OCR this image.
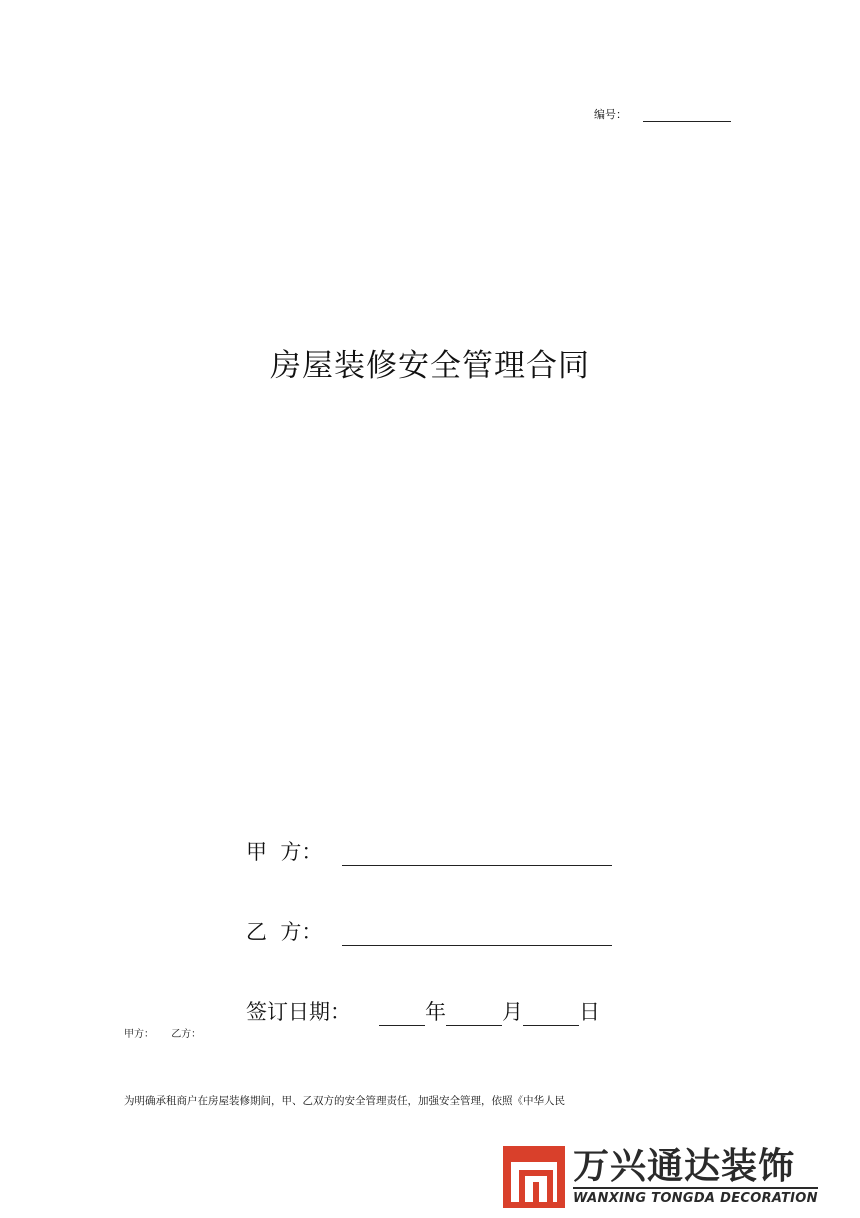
编号：
房屋装修安全管理合同
甲  方：
乙  方：
签订日期：	年	月	日
甲方： 乙方：
为明确承租商户在房屋装修期间，甲、乙双方的安全管理责任，加强安全管理，依照《中华人民
万兴通达装饰
WANXING TONGDA DECORATION
